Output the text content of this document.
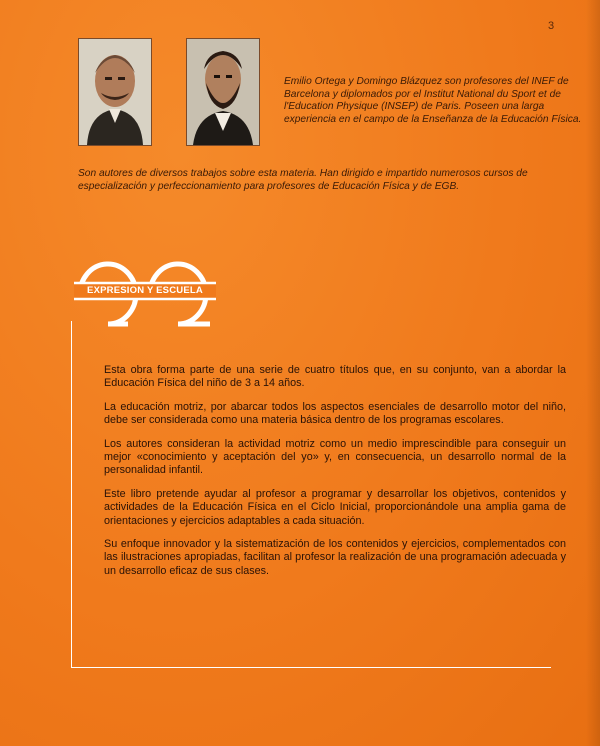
3
Emilio Ortega y Domingo Blázquez son profesores del INEF de Barcelona y diplomados por el Institut National du Sport et de l'Education Physique (INSEP) de Paris. Poseen una larga experiencia en el campo de la Enseñanza de la Educación Física.
Son autores de diversos trabajos sobre esta materia. Han dirigido e impartido numerosos cursos de especialización y perfeccionamiento para profesores de Educación Física y de EGB.
EXPRESION Y ESCUELA

Esta obra forma parte de una serie de cuatro títulos que, en su conjunto, van a abordar la Educación Física del niño de 3 a 14 años.

La educación motriz, por abarcar todos los aspectos esenciales de desarrollo motor del niño, debe ser considerada como una materia básica dentro de los programas escolares.

Los autores consideran la actividad motriz como un medio imprescindible para conseguir un mejor «conocimiento y aceptación del yo» y, en consecuencia, un desarrollo normal de la personalidad infantil.

Este libro pretende ayudar al profesor a programar y desarrollar los objetivos, contenidos y actividades de la Educación Física en el Ciclo Inicial, proporcionándole una amplia gama de orientaciones y ejercicios adaptables a cada situación.

Su enfoque innovador y la sistematización de los contenidos y ejercicios, complementados con las ilustraciones apropiadas, facilitan al profesor la realización de una programación adecuada y un desarrollo eficaz de sus clases.
